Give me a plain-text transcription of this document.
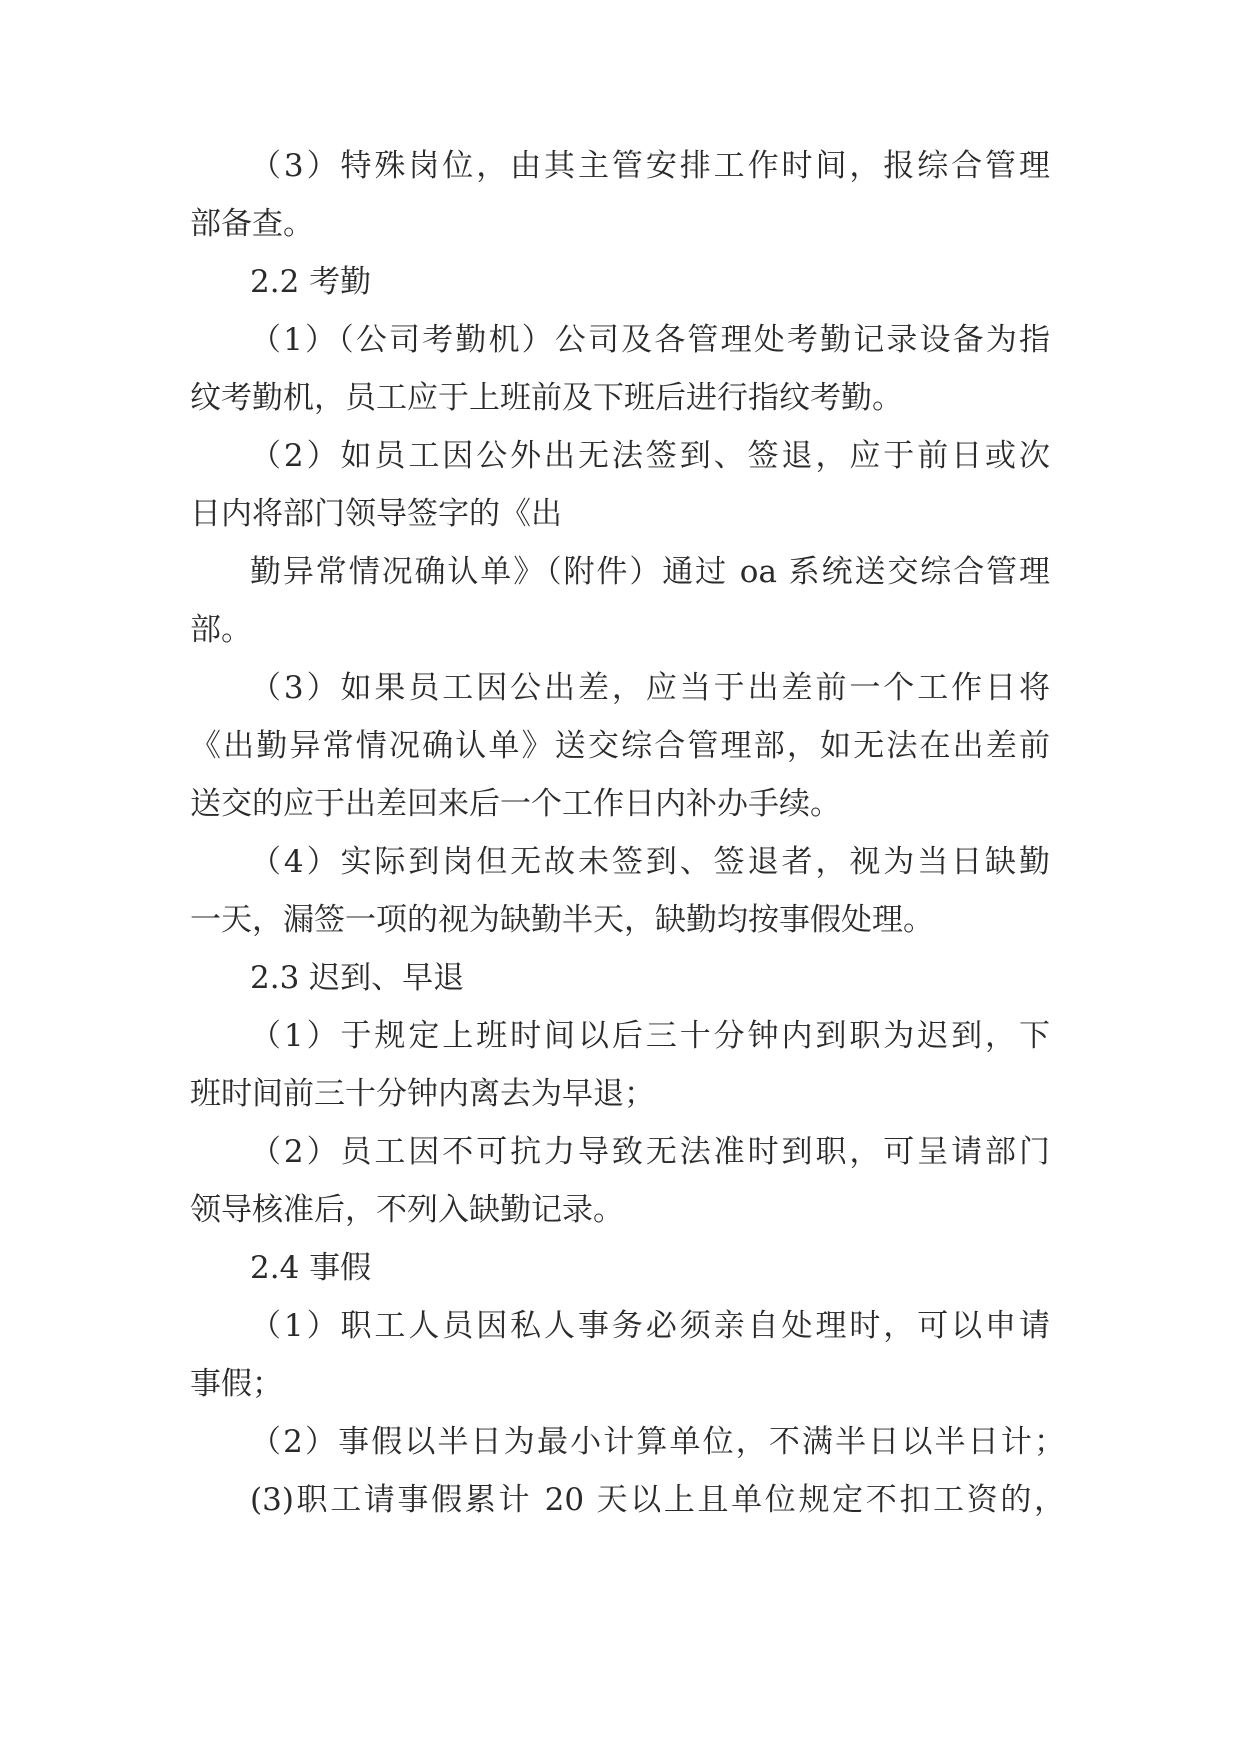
（3）特殊岗位，由其主管安排工作时间，报综合管理
部备查。
2.2 考勤
（1）（公司考勤机）公司及各管理处考勤记录设备为指
纹考勤机，员工应于上班前及下班后进行指纹考勤。
（2）如员工因公外出无法签到、签退，应于前日或次
日内将部门领导签字的《出
勤异常情况确认单》（附件）通过 oa 系统送交综合管理
部。
（3）如果员工因公出差，应当于出差前一个工作日将
《出勤异常情况确认单》送交综合管理部，如无法在出差前
送交的应于出差回来后一个工作日内补办手续。
（4）实际到岗但无故未签到、签退者，视为当日缺勤
一天，漏签一项的视为缺勤半天，缺勤均按事假处理。
2.3 迟到、早退
（1）于规定上班时间以后三十分钟内到职为迟到，下
班时间前三十分钟内离去为早退；
（2）员工因不可抗力导致无法准时到职，可呈请部门
领导核准后，不列入缺勤记录。
2.4 事假
（1）职工人员因私人事务必须亲自处理时，可以申请
事假；
（2）事假以半日为最小计算单位，不满半日以半日计；
(3)职工请事假累计 20 天以上且单位规定不扣工资的，
